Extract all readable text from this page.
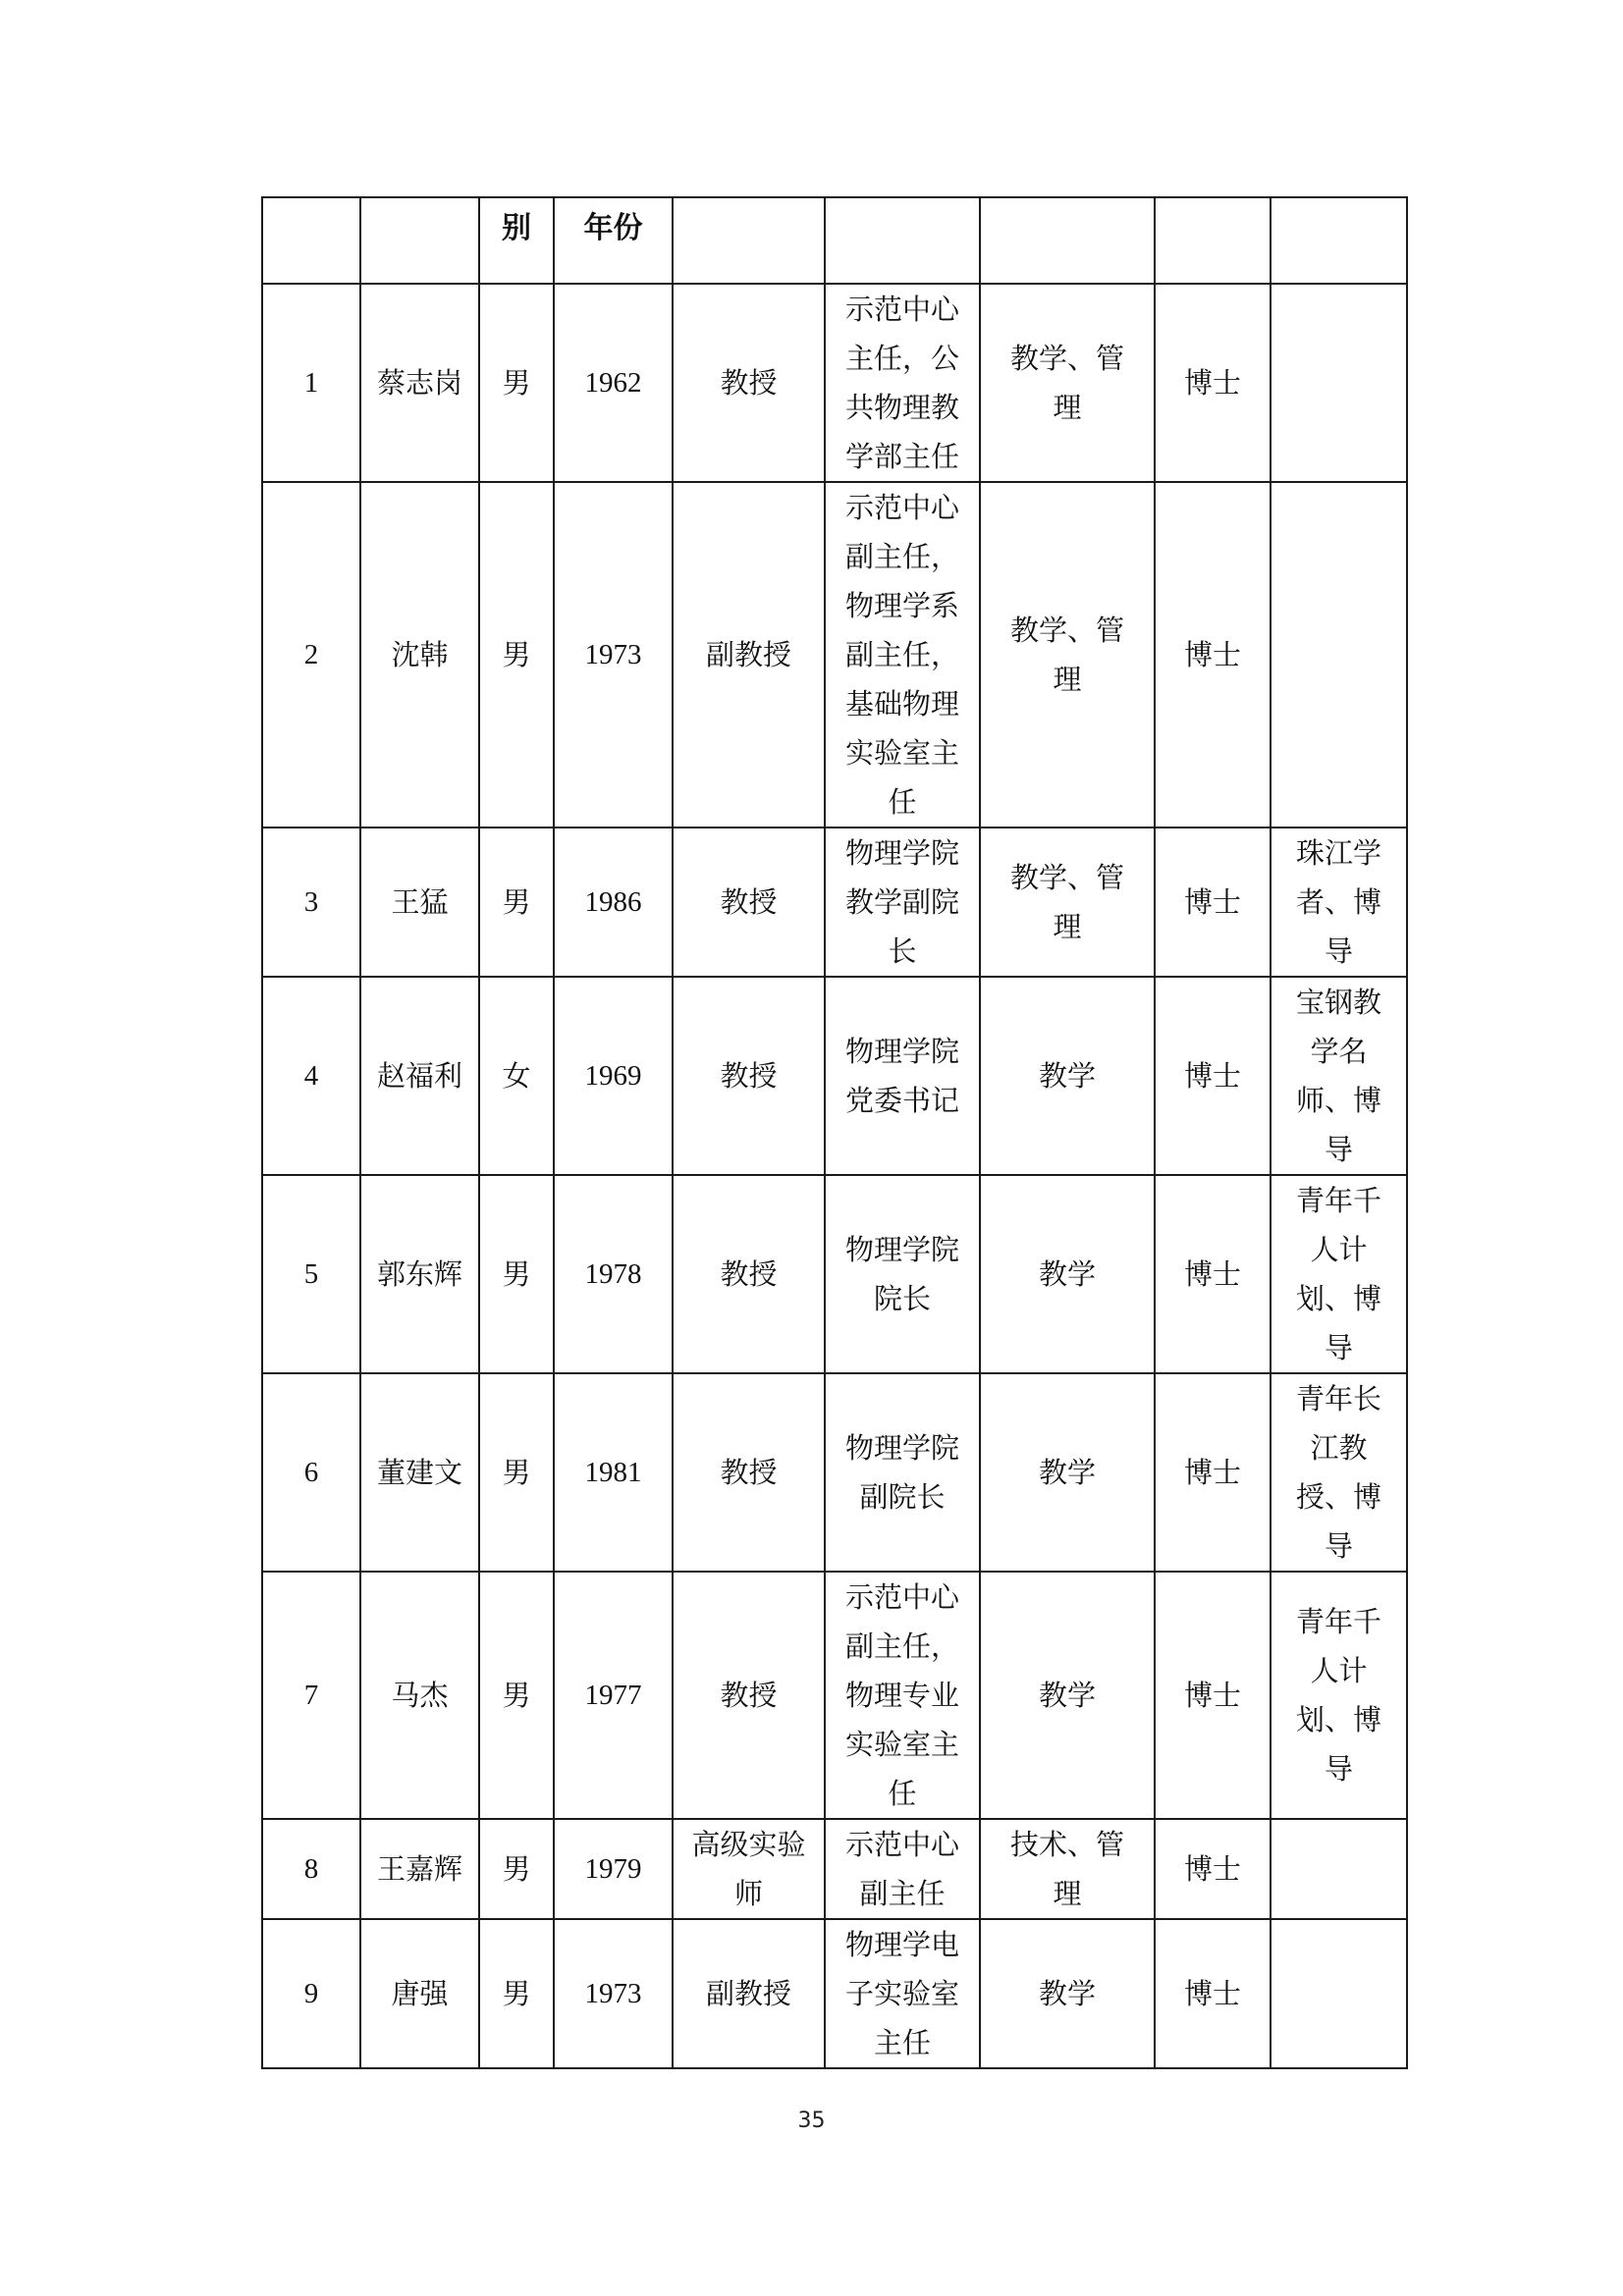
		别	年份					
1	蔡志岗	男	1962	教授	示范中心主任，公共物理教学部主任	教学、管理	博士	

2	沈韩	男	1973	副教授	示范中心副主任，物理学系副主任，基础物理实验室主任	教学、管理	博士	

3	王猛	男	1986	教授	物理学院教学副院长	教学、管理	博士	珠江学者、博导

4	赵福利	女	1969	教授	物理学院党委书记	教学	博士	宝钢教学名师、博导

5	郭东辉	男	1978	教授	物理学院院长	教学	博士	青年千人计划、博导

6	董建文	男	1981	教授	物理学院副院长	教学	博士	青年长江教授、博导

7	马杰	男	1977	教授	示范中心副主任，物理专业实验室主任	教学	博士	青年千人计划、博导

8	王嘉辉	男	1979	高级实验师	示范中心副主任	技术、管理	博士	

9	唐强	男	1973	副教授	物理学电子实验室主任	教学	博士	
35
